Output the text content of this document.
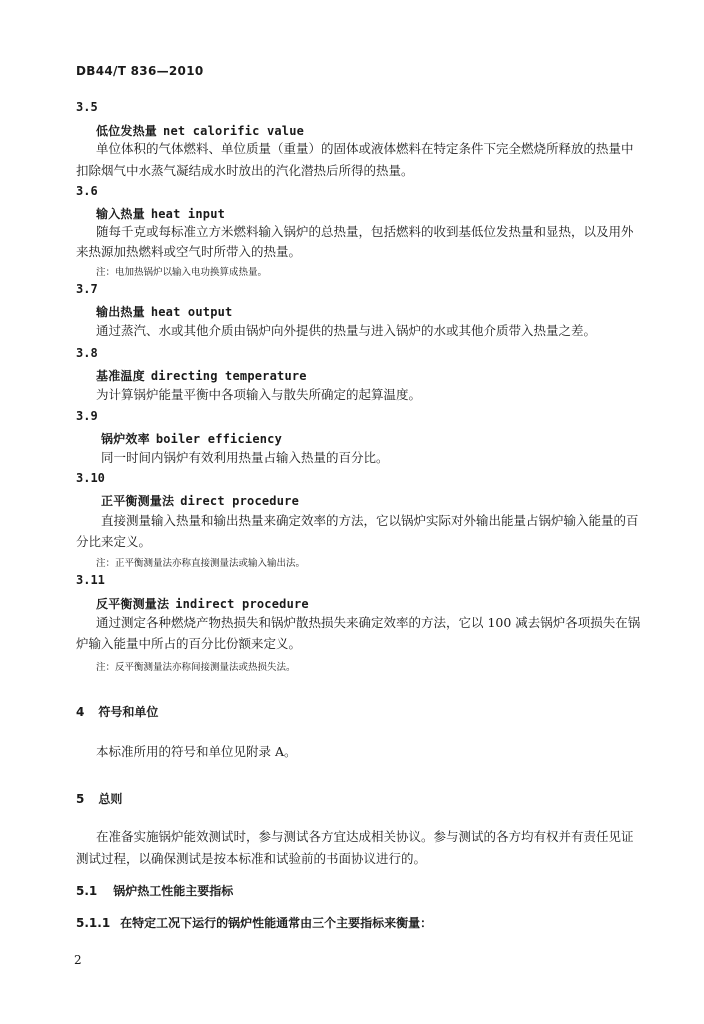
DB44/T 836—2010
3.5
低位发热量 net calorific value
单位体积的气体燃料、单位质量（重量）的固体或液体燃料在特定条件下完全燃烧所释放的热量中
扣除烟气中水蒸气凝结成水时放出的汽化潜热后所得的热量。
3.6
输入热量 heat input
随每千克或每标准立方米燃料输入锅炉的总热量，包括燃料的收到基低位发热量和显热，以及用外
来热源加热燃料或空气时所带入的热量。
注：电加热锅炉以输入电功换算成热量。
3.7
输出热量 heat output
通过蒸汽、水或其他介质由锅炉向外提供的热量与进入锅炉的水或其他介质带入热量之差。
3.8
基准温度 directing temperature
为计算锅炉能量平衡中各项输入与散失所确定的起算温度。
3.9
锅炉效率 boiler efficiency
同一时间内锅炉有效利用热量占输入热量的百分比。
3.10
正平衡测量法 direct procedure
直接测量输入热量和输出热量来确定效率的方法，它以锅炉实际对外输出能量占锅炉输入能量的百
分比来定义。
注：正平衡测量法亦称直接测量法或输入输出法。
3.11
反平衡测量法 indirect procedure
通过测定各种燃烧产物热损失和锅炉散热损失来确定效率的方法，它以 100 减去锅炉各项损失在锅
炉输入能量中所占的百分比份额来定义。
注：反平衡测量法亦称间接测量法或热损失法。
4 符号和单位
本标准所用的符号和单位见附录 A。
5 总则
在准备实施锅炉能效测试时，参与测试各方宜达成相关协议。参与测试的各方均有权并有责任见证
测试过程，以确保测试是按本标准和试验前的书面协议进行的。
5.1 锅炉热工性能主要指标
5.1.1 在特定工况下运行的锅炉性能通常由三个主要指标来衡量：
2
